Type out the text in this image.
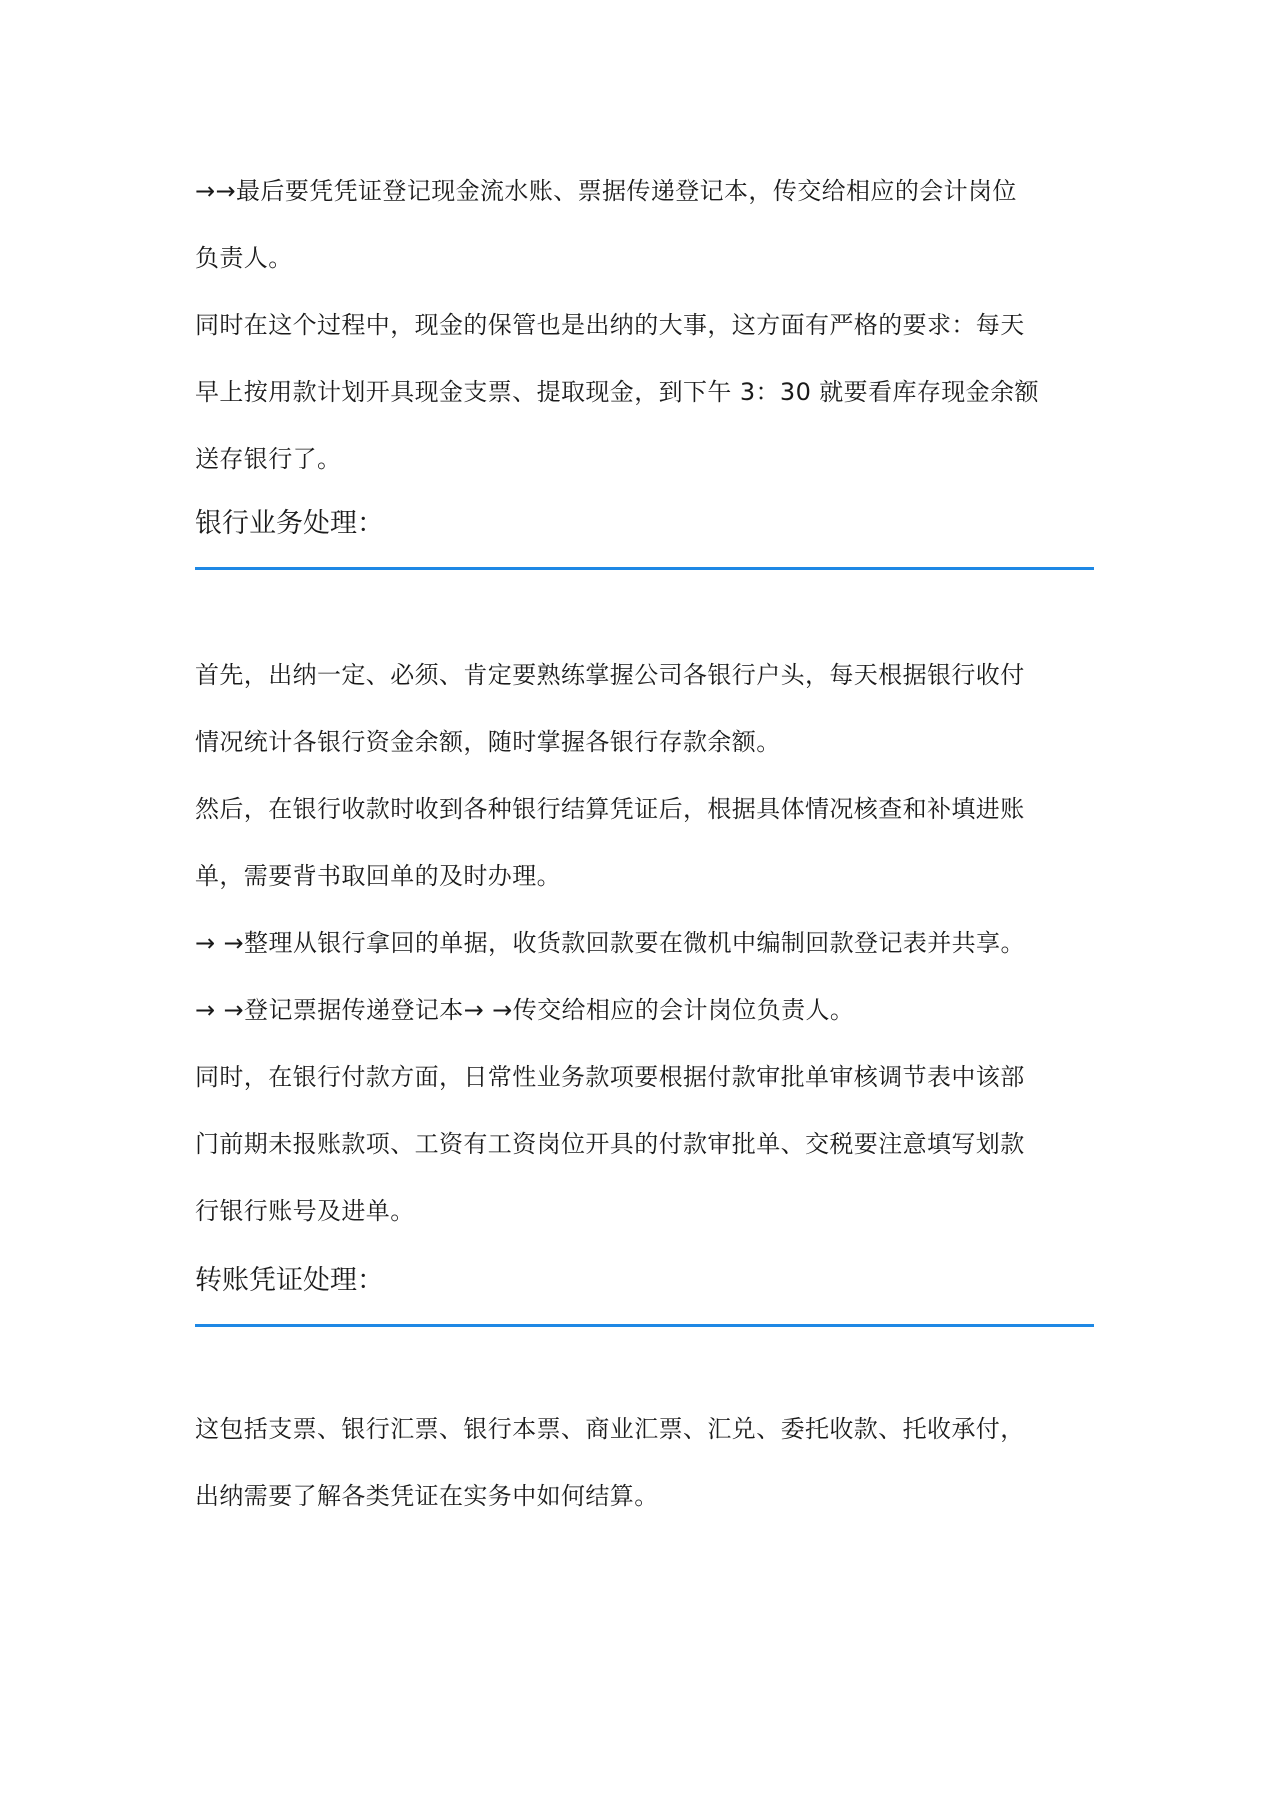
→→最后要凭凭证登记现金流水账、票据传递登记本，传交给相应的会计岗位
负责人。
同时在这个过程中，现金的保管也是出纳的大事，这方面有严格的要求：每天
早上按用款计划开具现金支票、提取现金，到下午 3：30 就要看库存现金余额
送存银行了。
银行业务处理：
首先，出纳一定、必须、肯定要熟练掌握公司各银行户头，每天根据银行收付
情况统计各银行资金余额，随时掌握各银行存款余额。
然后，在银行收款时收到各种银行结算凭证后，根据具体情况核查和补填进账
单，需要背书取回单的及时办理。
→ →整理从银行拿回的单据，收货款回款要在微机中编制回款登记表并共享。
→ →登记票据传递登记本→ →传交给相应的会计岗位负责人。
同时，在银行付款方面，日常性业务款项要根据付款审批单审核调节表中该部
门前期未报账款项、工资有工资岗位开具的付款审批单、交税要注意填写划款
行银行账号及进单。
转账凭证处理：
这包括支票、银行汇票、银行本票、商业汇票、汇兑、委托收款、托收承付，
出纳需要了解各类凭证在实务中如何结算。
